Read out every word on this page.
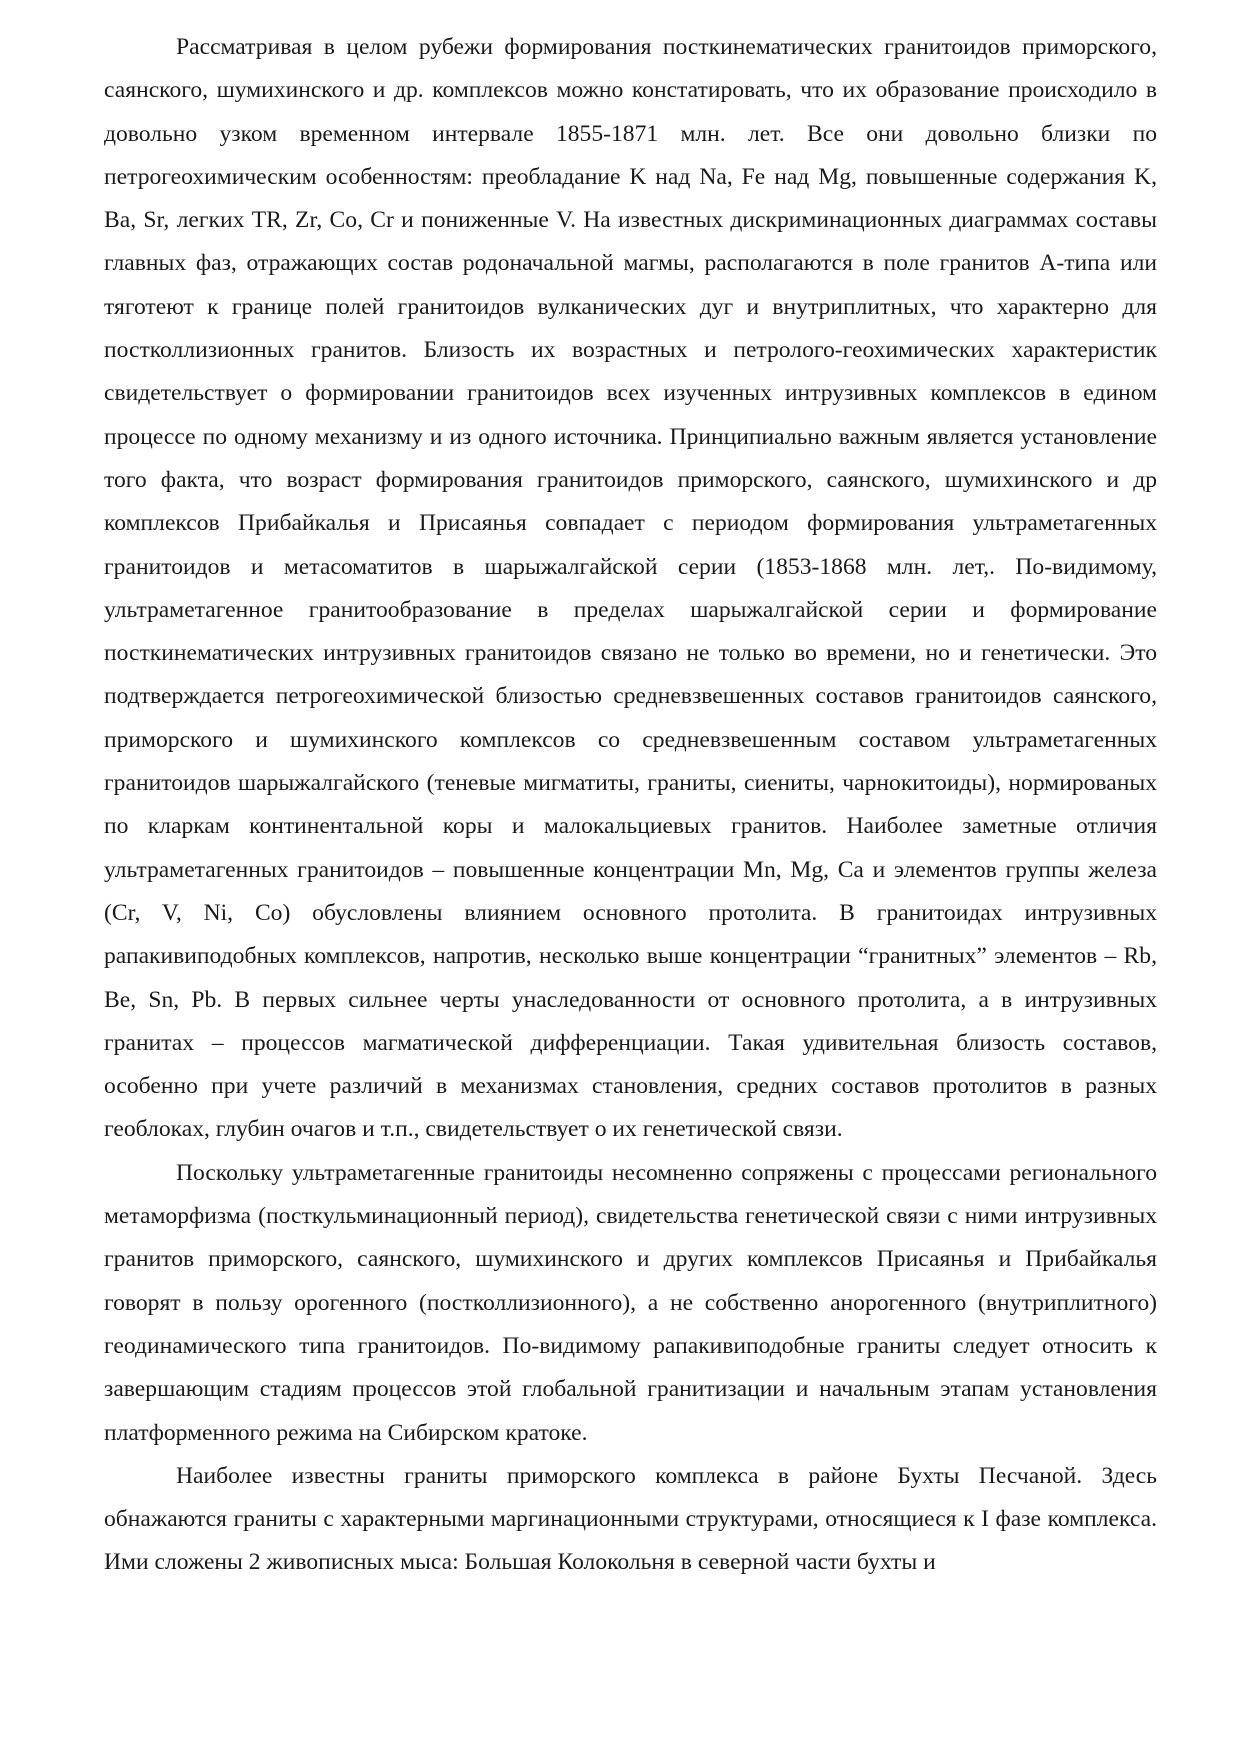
Рассматривая в целом рубежи формирования посткинематических гранитоидов приморского, саянского, шумихинского и др. комплексов можно констатировать, что их образование происходило в довольно узком временном интервале 1855-1871 млн. лет. Все они довольно близки по петрогеохимическим особенностям: преобладание K над Na, Fe над Mg, повышенные содержания K, Ba, Sr, легких TR, Zr, Co, Cr и пониженные V. На известных дискриминационных диаграммах составы главных фаз, отражающих состав родоначальной магмы, располагаются в поле гранитов A-типа или тяготеют к границе полей гранитоидов вулканических дуг и внутриплитных, что характерно для постколлизионных гранитов. Близость их возрастных и петролого-геохимических характеристик свидетельствует о формировании гранитоидов всех изученных интрузивных комплексов в едином процессе по одному механизму и из одного источника. Принципиально важным является установление того факта, что возраст формирования гранитоидов приморского, саянского, шумихинского и др комплексов Прибайкалья и Присаянья совпадает с периодом формирования ультраметагенных гранитоидов и метасоматитов в шарыжалгайской серии (1853-1868 млн. лет,. По-видимому, ультраметагенное гранитообразование в пределах шарыжалгайской серии и формирование посткинематических интрузивных гранитоидов связано не только во времени, но и генетически. Это подтверждается петрогеохимической близостью средневзвешенных составов гранитоидов саянского, приморского и шумихинского комплексов со средневзвешенным составом ультраметагенных гранитоидов шарыжалгайского (теневые мигматиты, граниты, сиениты, чарнокитоиды), нормированых по кларкам континентальной коры и малокальциевых гранитов. Наиболее заметные отличия ультраметагенных гранитоидов – повышенные концентрации Mn, Mg, Ca и элементов группы железа (Cr, V, Ni, Co) обусловлены влиянием основного протолита. В гранитоидах интрузивных рапакивиподобных комплексов, напротив, несколько выше концентрации “гранитных” элементов – Rb, Be, Sn, Pb. В первых сильнее черты унаследованности от основного протолита, а в интрузивных гранитах – процессов магматической дифференциации. Такая удивительная близость составов, особенно при учете различий в механизмах становления, средних составов протолитов в разных геоблоках, глубин очагов и т.п., свидетельствует о их генетической связи.

Поскольку ультраметагенные гранитоиды несомненно сопряжены с процессами регионального метаморфизма (посткульминационный период), свидетельства генетической связи с ними интрузивных гранитов приморского, саянского, шумихинского и других комплексов Присаянья и Прибайкалья говорят в пользу орогенного (постколлизионного), а не собственно анорогенного (внутриплитного) геодинамического типа гранитоидов. По-видимому рапакивиподобные граниты следует относить к завершающим стадиям процессов этой глобальной гранитизации и начальным этапам установления платформенного режима на Сибирском кратоке.

Наиболее известны граниты приморского комплекса в районе Бухты Песчаной. Здесь обнажаются граниты с характерными маргинационными структурами, относящиеся к I фазе комплекса. Ими сложены 2 живописных мыса: Большая Колокольня в северной части бухты и
